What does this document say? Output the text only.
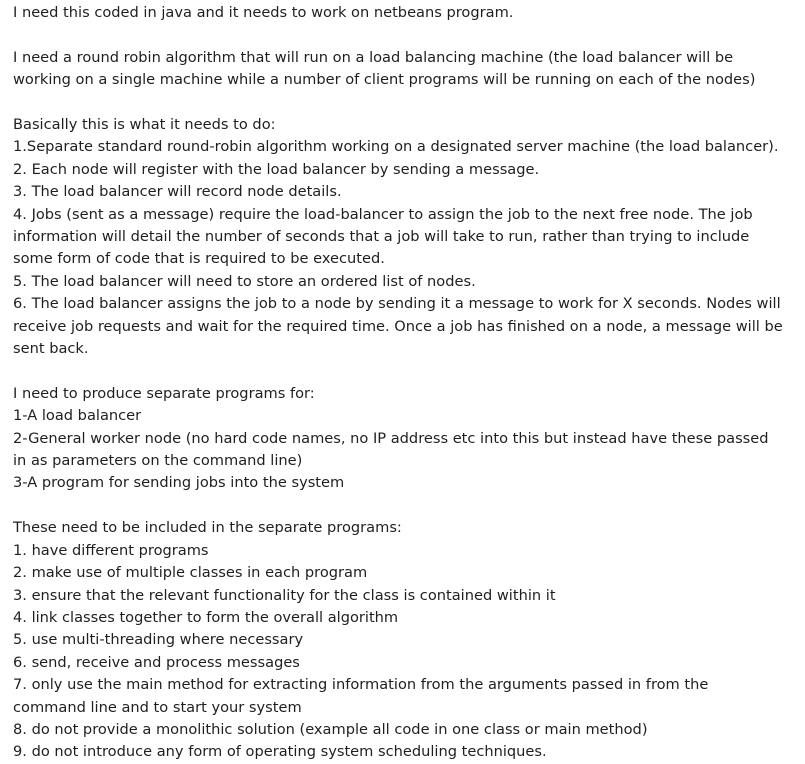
I need this coded in java and it needs to work on netbeans program.
I need a round robin algorithm that will run on a load balancing machine (the load balancer will be
working on a single machine while a number of client programs will be running on each of the nodes)
Basically this is what it needs to do:
1.Separate standard round-robin algorithm working on a designated server machine (the load balancer).
2. Each node will register with the load balancer by sending a message.
3. The load balancer will record node details.
4. Jobs (sent as a message) require the load-balancer to assign the job to the next free node. The job
information will detail the number of seconds that a job will take to run, rather than trying to include
some form of code that is required to be executed.
5. The load balancer will need to store an ordered list of nodes.
6. The load balancer assigns the job to a node by sending it a message to work for X seconds. Nodes will
receive job requests and wait for the required time. Once a job has finished on a node, a message will be
sent back.
I need to produce separate programs for:
1-A load balancer
2-General worker node (no hard code names, no IP address etc into this but instead have these passed
in as parameters on the command line)
3-A program for sending jobs into the system
These need to be included in the separate programs:
1. have different programs
2. make use of multiple classes in each program
3. ensure that the relevant functionality for the class is contained within it
4. link classes together to form the overall algorithm
5. use multi-threading where necessary
6. send, receive and process messages
7. only use the main method for extracting information from the arguments passed in from the
command line and to start your system
8. do not provide a monolithic solution (example all code in one class or main method)
9. do not introduce any form of operating system scheduling techniques.
